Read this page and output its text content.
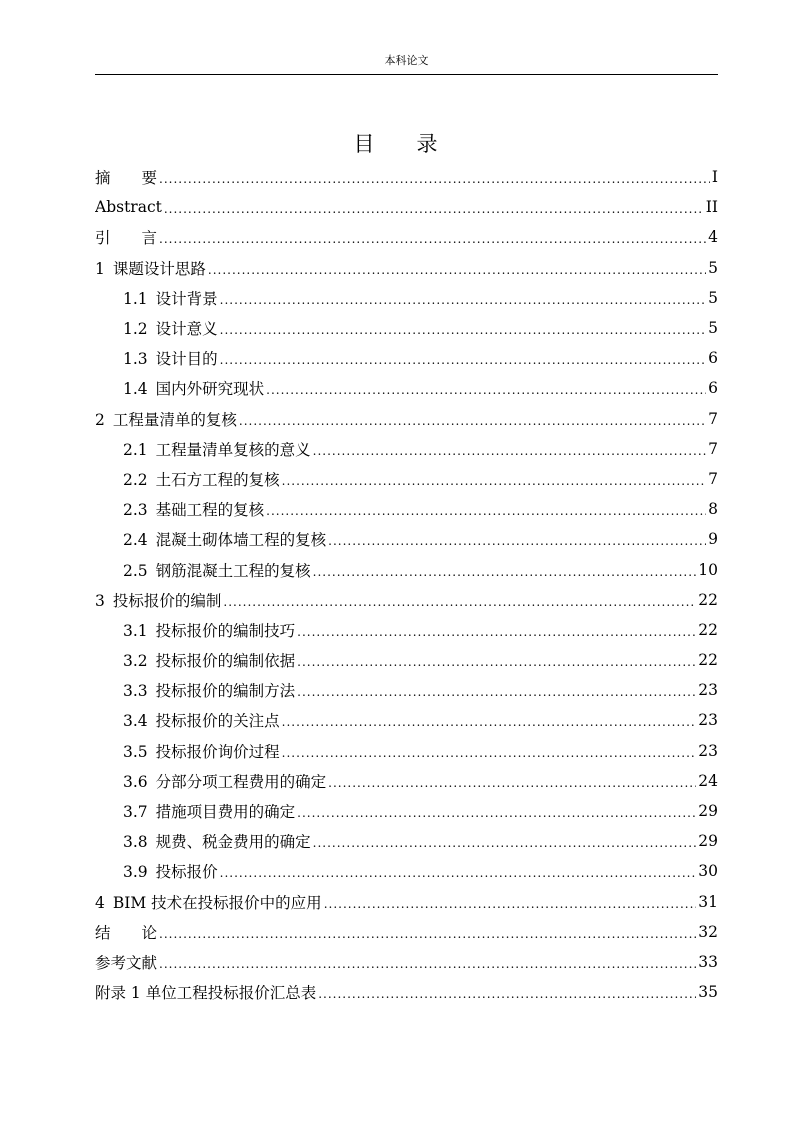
本科论文
目 录
摘　　要 .....	I
Abstract .....	II
引　　言 .....	4
1 课题设计思路 .....	5
1.1 设计背景 .....	5
1.2 设计意义 .....	5
1.3 设计目的 .....	6
1.4 国内外研究现状 .....	6
2 工程量清单的复核 .....	7
2.1 工程量清单复核的意义 .....	7
2.2 土石方工程的复核 .....	7
2.3 基础工程的复核 .....	8
2.4 混凝土砌体墙工程的复核 .....	9
2.5 钢筋混凝土工程的复核 .....	10
3 投标报价的编制 .....	22
3.1 投标报价的编制技巧 .....	22
3.2 投标报价的编制依据 .....	22
3.3 投标报价的编制方法 .....	23
3.4 投标报价的关注点 .....	23
3.5 投标报价询价过程 .....	23
3.6 分部分项工程费用的确定 .....	24
3.7 措施项目费用的确定 .....	29
3.8 规费、税金费用的确定 .....	29
3.9 投标报价 .....	30
4 BIM 技术在投标报价中的应用 .....	31
结　　论 .....	32
参考文献 .....	33
附录 1 单位工程投标报价汇总表 .....	35
